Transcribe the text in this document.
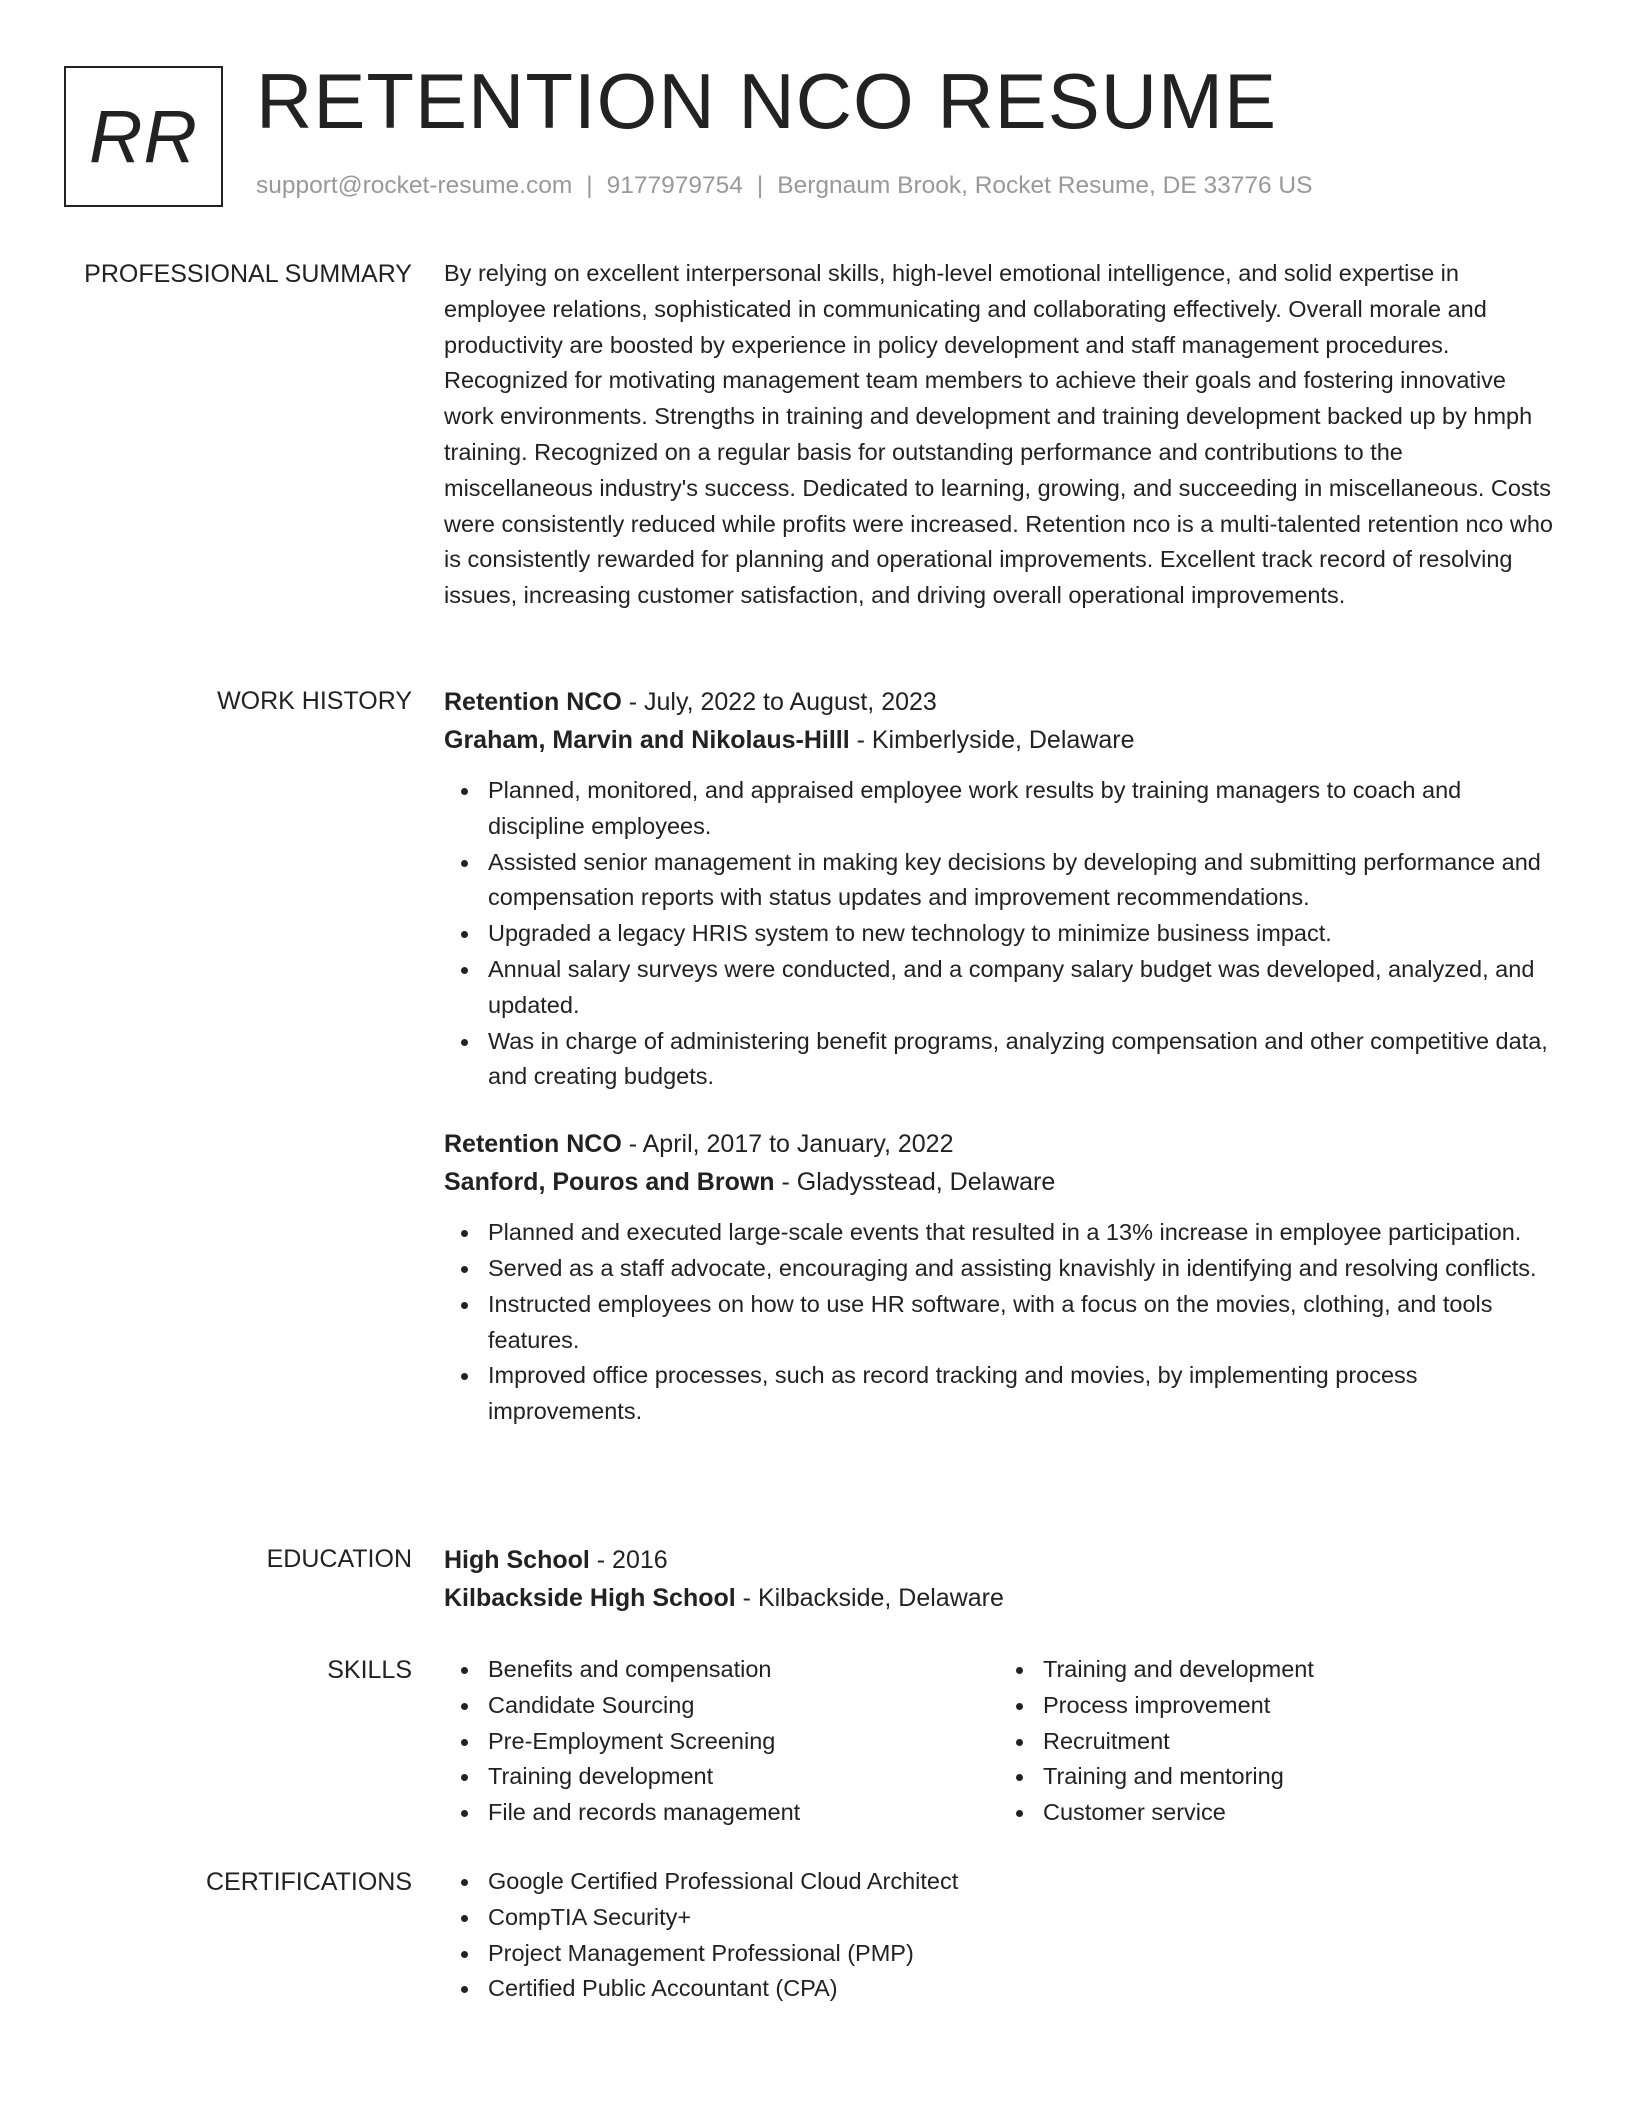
RR RETENTION NCO RESUME
support@rocket-resume.com | 9177979754 | Bergnaum Brook, Rocket Resume, DE 33776 US
PROFESSIONAL SUMMARY By relying on excellent interpersonal skills, high-level emotional intelligence, and solid expertise in employee relations, sophisticated in communicating and collaborating effectively. Overall morale and productivity are boosted by experience in policy development and staff management procedures. Recognized for motivating management team members to achieve their goals and fostering innovative work environments. Strengths in training and development and training development backed up by hmph training. Recognized on a regular basis for outstanding performance and contributions to the miscellaneous industry's success. Dedicated to learning, growing, and succeeding in miscellaneous. Costs were consistently reduced while profits were increased. Retention nco is a multi-talented retention nco who is consistently rewarded for planning and operational improvements. Excellent track record of resolving issues, increasing customer satisfaction, and driving overall operational improvements.

WORK HISTORY Retention NCO - July, 2022 to August, 2023
Graham, Marvin and Nikolaus-Hilll - Kimberlyside, Delaware
Planned, monitored, and appraised employee work results by training managers to coach and discipline employees.
Assisted senior management in making key decisions by developing and submitting performance and compensation reports with status updates and improvement recommendations.
Upgraded a legacy HRIS system to new technology to minimize business impact.
Annual salary surveys were conducted, and a company salary budget was developed, analyzed, and updated.
Was in charge of administering benefit programs, analyzing compensation and other competitive data, and creating budgets.
Retention NCO - April, 2017 to January, 2022
Sanford, Pouros and Brown - Gladysstead, Delaware
Planned and executed large-scale events that resulted in a 13% increase in employee participation.
Served as a staff advocate, encouraging and assisting knavishly in identifying and resolving conflicts.
Instructed employees on how to use HR software, with a focus on the movies, clothing, and tools features.
Improved office processes, such as record tracking and movies, by implementing process improvements.
EDUCATION High School - 2016
Kilbackside High School - Kilbackside, Delaware
SKILLS	Benefits and compensation
Candidate Sourcing
Pre-Employment Screening
Training development
File and records management
Training and development
Process improvement
Recruitment
Training and mentoring
Customer service
CERTIFICATIONS	Google Certified Professional Cloud Architect
CompTIA Security+
Project Management Professional (PMP)
Certified Public Accountant (CPA)
